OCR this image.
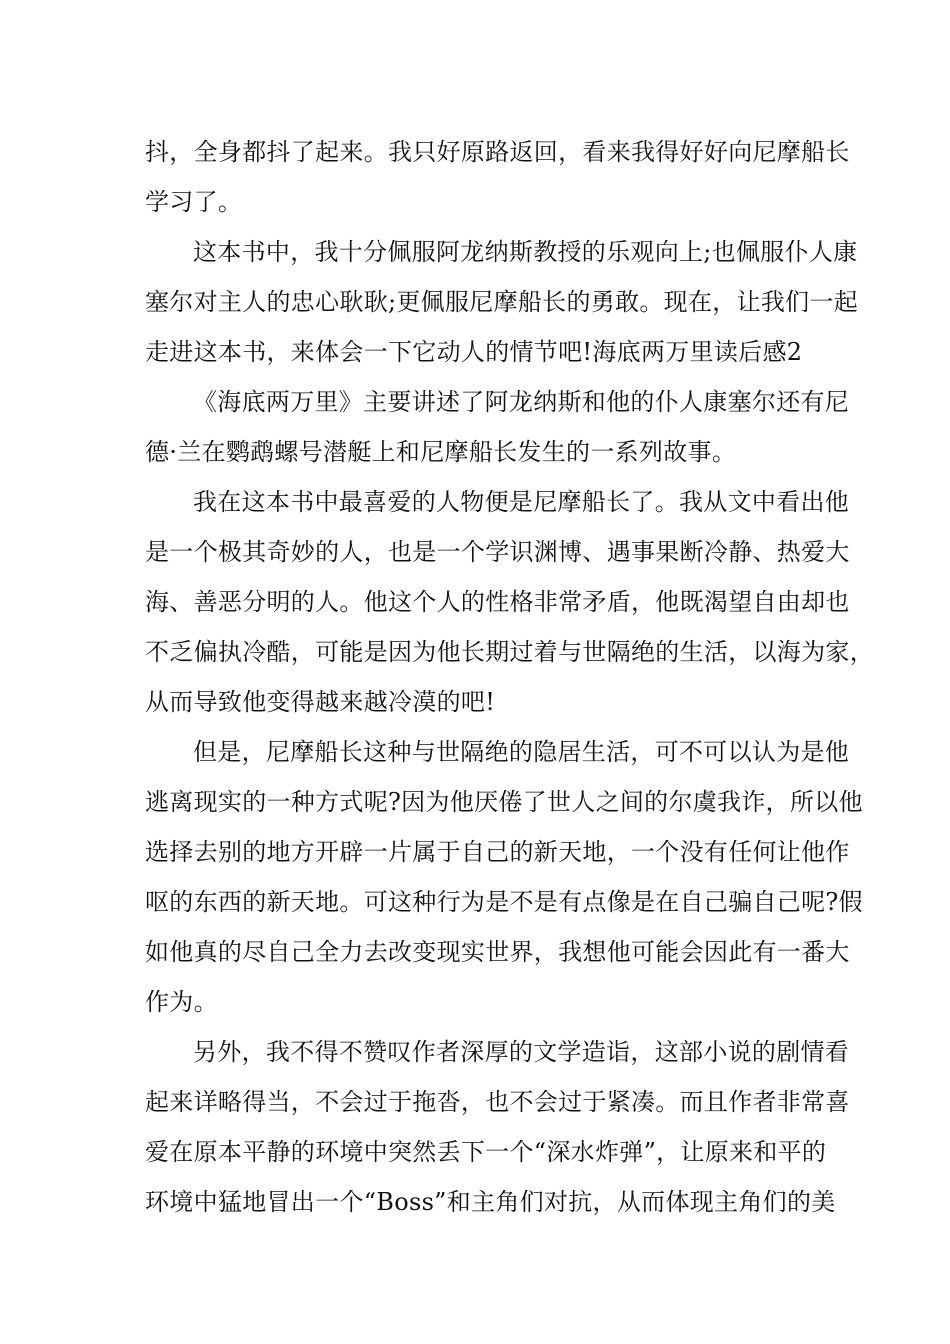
抖，全身都抖了起来。我只好原路返回，看来我得好好向尼摩船长
学习了。
这本书中，我十分佩服阿龙纳斯教授的乐观向上;也佩服仆人康
塞尔对主人的忠心耿耿;更佩服尼摩船长的勇敢。现在，让我们一起
走进这本书，来体会一下它动人的情节吧!海底两万里读后感2
《海底两万里》主要讲述了阿龙纳斯和他的仆人康塞尔还有尼
德·兰在鹦鹉螺号潜艇上和尼摩船长发生的一系列故事。
我在这本书中最喜爱的人物便是尼摩船长了。我从文中看出他
是一个极其奇妙的人，也是一个学识渊博、遇事果断冷静、热爱大
海、善恶分明的人。他这个人的性格非常矛盾，他既渴望自由却也
不乏偏执冷酷，可能是因为他长期过着与世隔绝的生活，以海为家，
从而导致他变得越来越冷漠的吧!
但是，尼摩船长这种与世隔绝的隐居生活，可不可以认为是他
逃离现实的一种方式呢?因为他厌倦了世人之间的尔虞我诈，所以他
选择去别的地方开辟一片属于自己的新天地，一个没有任何让他作
呕的东西的新天地。可这种行为是不是有点像是在自己骗自己呢?假
如他真的尽自己全力去改变现实世界，我想他可能会因此有一番大
作为。
另外，我不得不赞叹作者深厚的文学造诣，这部小说的剧情看
起来详略得当，不会过于拖沓，也不会过于紧凑。而且作者非常喜
爱在原本平静的环境中突然丢下一个“深水炸弹”，让原来和平的
环境中猛地冒出一个“Boss”和主角们对抗，从而体现主角们的美
